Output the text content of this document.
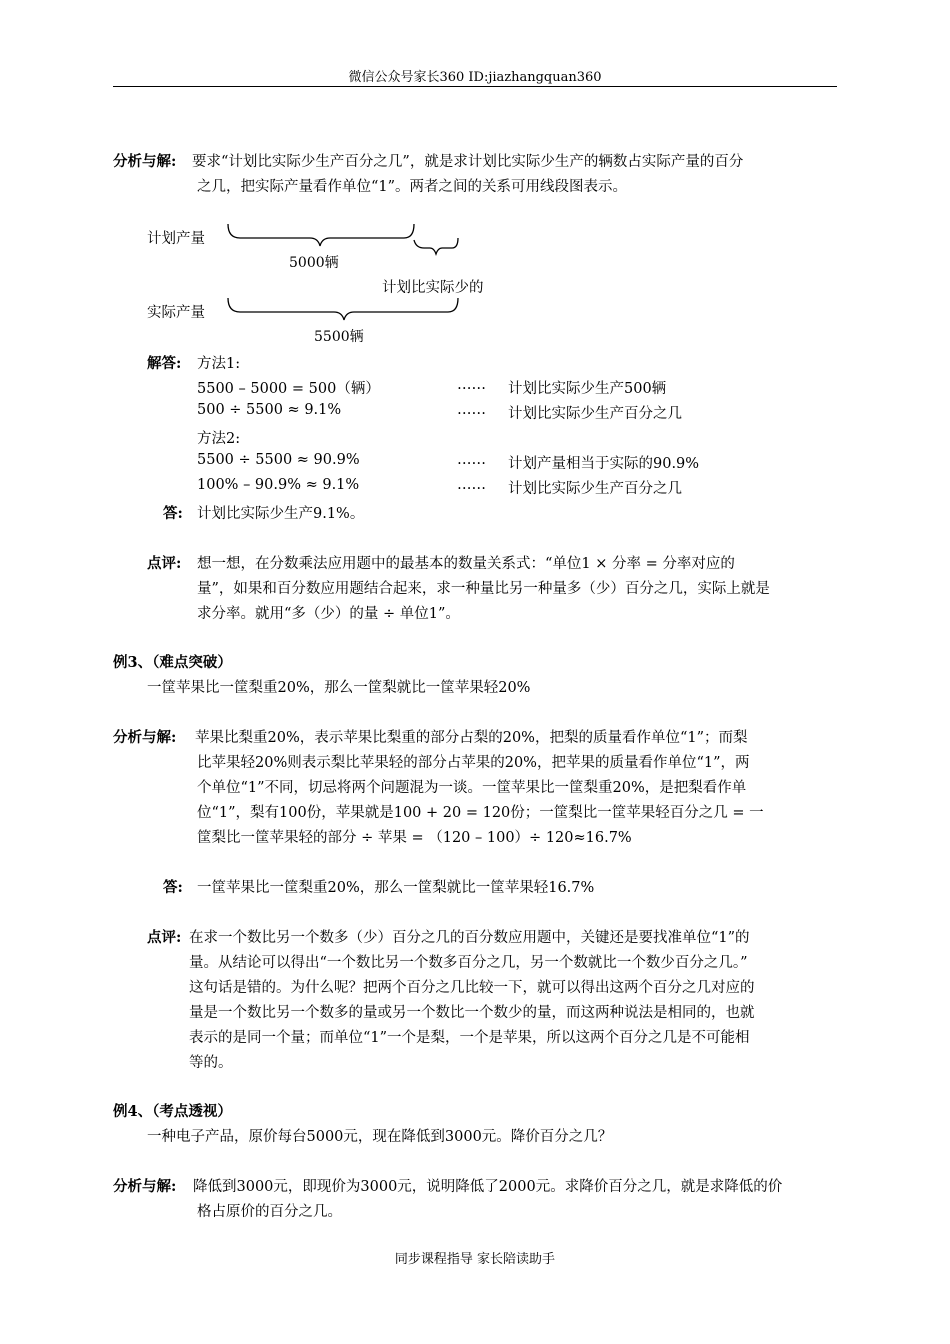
微信公众号家长360 ID:jiazhangquan360
同步课程指导 家长陪读助手
分析与解: 要求“计划比实际少生产百分之几”，就是求计划比实际少生产的辆数占实际产量的百分
之几，把实际产量看作单位“1”。两者之间的关系可用线段图表示。
计划产量
5000辆
计划比实际少的
实际产量
5500辆
解答: 方法1:
5500 – 5000 = 500（辆）	…… 计划比实际少生产500辆
500 ÷ 5500 ≈ 9.1%	…… 计划比实际少生产百分之几
方法2:
5500 ÷ 5500 ≈ 90.9%	…… 计划产量相当于实际的90.9%
100% – 90.9% ≈ 9.1%	…… 计划比实际少生产百分之几
答: 计划比实际少生产9.1%。
点评: 想一想，在分数乘法应用题中的最基本的数量关系式：“单位1 × 分率 = 分率对应的
量”，如果和百分数应用题结合起来，求一种量比另一种量多（少）百分之几，实际上就是
求分率。就用“多（少）的量 ÷ 单位1”。
例3、（难点突破）
一筐苹果比一筐梨重20%，那么一筐梨就比一筐苹果轻20%
分析与解: 苹果比梨重20%，表示苹果比梨重的部分占梨的20%，把梨的质量看作单位“1”；而梨
比苹果轻20%则表示梨比苹果轻的部分占苹果的20%，把苹果的质量看作单位“1”，两
个单位“1”不同，切忌将两个问题混为一谈。一筐苹果比一筐梨重20%，是把梨看作单
位“1”，梨有100份，苹果就是100 + 20 = 120份；一筐梨比一筐苹果轻百分之几 = 一
筐梨比一筐苹果轻的部分 ÷ 苹果 = （120 – 100）÷ 120≈16.7%
答: 一筐苹果比一筐梨重20%，那么一筐梨就比一筐苹果轻16.7%
点评: 在求一个数比另一个数多（少）百分之几的百分数应用题中，关键还是要找准单位“1”的
量。从结论可以得出“一个数比另一个数多百分之几，另一个数就比一个数少百分之几。”
这句话是错的。为什么呢？把两个百分之几比较一下，就可以得出这两个百分之几对应的
量是一个数比另一个数多的量或另一个数比一个数少的量，而这两种说法是相同的，也就
表示的是同一个量；而单位“1”一个是梨，一个是苹果，所以这两个百分之几是不可能相
等的。
例4、（考点透视）
一种电子产品，原价每台5000元，现在降低到3000元。降价百分之几？
分析与解: 降低到3000元，即现价为3000元，说明降低了2000元。求降价百分之几，就是求降低的价
格占原价的百分之几。
